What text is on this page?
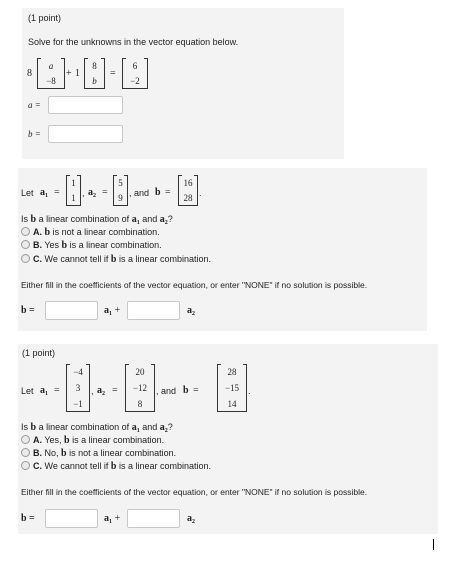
(1 point)
Solve for the unknowns in the vector equation below.
8
a
−8
+ 1
8
b
=
6
−2
a =
b =
Let $a_1$ =
1
1
, $a_2$ =
5
9
, and b =
16
28
.
Is b a linear combination of $a_1$ and $a_2$?
A. b is not a linear combination.
B. Yes b is a linear combination.
C. We cannot tell if b is a linear combination.
Either fill in the coefficients of the vector equation, or enter "NONE" if no solution is possible.
b =	$a_1$ +	$a_2$
(1 point)
Let $a_1$ =
−4
3
−1
, $a_2$ =
20
−12
8
, and b =
28
−15
14
.
Is b a linear combination of $a_1$ and $a_2$?
A. Yes, b is a linear combination.
B. No, b is not a linear combination.
C. We cannot tell if b is a linear combination.
Either fill in the coefficients of the vector equation, or enter "NONE" if no solution is possible.
b =	$a_1$ +	$a_2$
